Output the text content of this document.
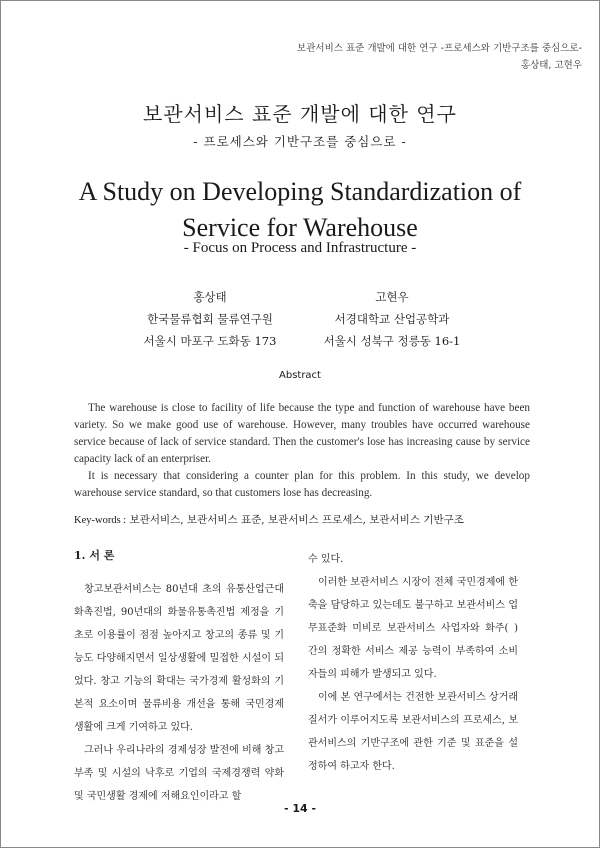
보관서비스 표준 개발에 대한 연구 -프로세스와 기반구조를 중심으로-
홍상태, 고현우
보관서비스 표준 개발에 대한 연구
- 프로세스와 기반구조를 중심으로 -
A Study on Developing Standardization of
Service for Warehouse
- Focus on Process and Infrastructure -
홍상태
한국물류협회 물류연구원
서울시 마포구 도화동 173
고현우
서경대학교 산업공학과
서울시 성북구 정릉동 16-1
Abstract

The warehouse is close to facility of life because the type and function of warehouse have been variety. So we make good use of warehouse. However, many troubles have occurred warehouse service because of lack of service standard. Then the customer's lose has increasing cause by service capacity lack of an enterpriser.

It is necessary that considering a counter plan for this problem. In this study, we develop warehouse service standard, so that customers lose has decreasing.

Key-words : 보관서비스, 보관서비스 표준, 보관서비스 프로세스, 보관서비스 기반구조
1. 서 론

창고보관서비스는 80년대 초의 유통산업근대화촉진법, 90년대의 화물유통촉진법 제정을 기초로 이용률이 점점 높아지고 창고의 종류 및 기능도 다양해지면서 일상생활에 밀접한 시설이 되었다. 창고 기능의 확대는 국가경제 활성화의 기본적 요소이며 물류비용 개선을 통해 국민경제 생활에 크게 기여하고 있다.

그러나 우리나라의 경제성장 발전에 비해 창고부족 및 시설의 낙후로 기업의 국제경쟁력 약화 및 국민생활 경제에 저해요인이라고 할

수 있다.

이러한 보관서비스 시장이 전체 국민경제에 한축을 담당하고 있는데도 불구하고 보관서비스 업무표준화 미비로 보관서비스 사업자와 화주( ) 간의 정확한 서비스 제공 능력이 부족하여 소비자들의 피해가 발생되고 있다.

이에 본 연구에서는 건전한 보관서비스 상거래 질서가 이루어지도록 보관서비스의 프로세스, 보관서비스의 기반구조에 관한 기준 및 표준을 설정하여 하고자 한다.

- 14 -
